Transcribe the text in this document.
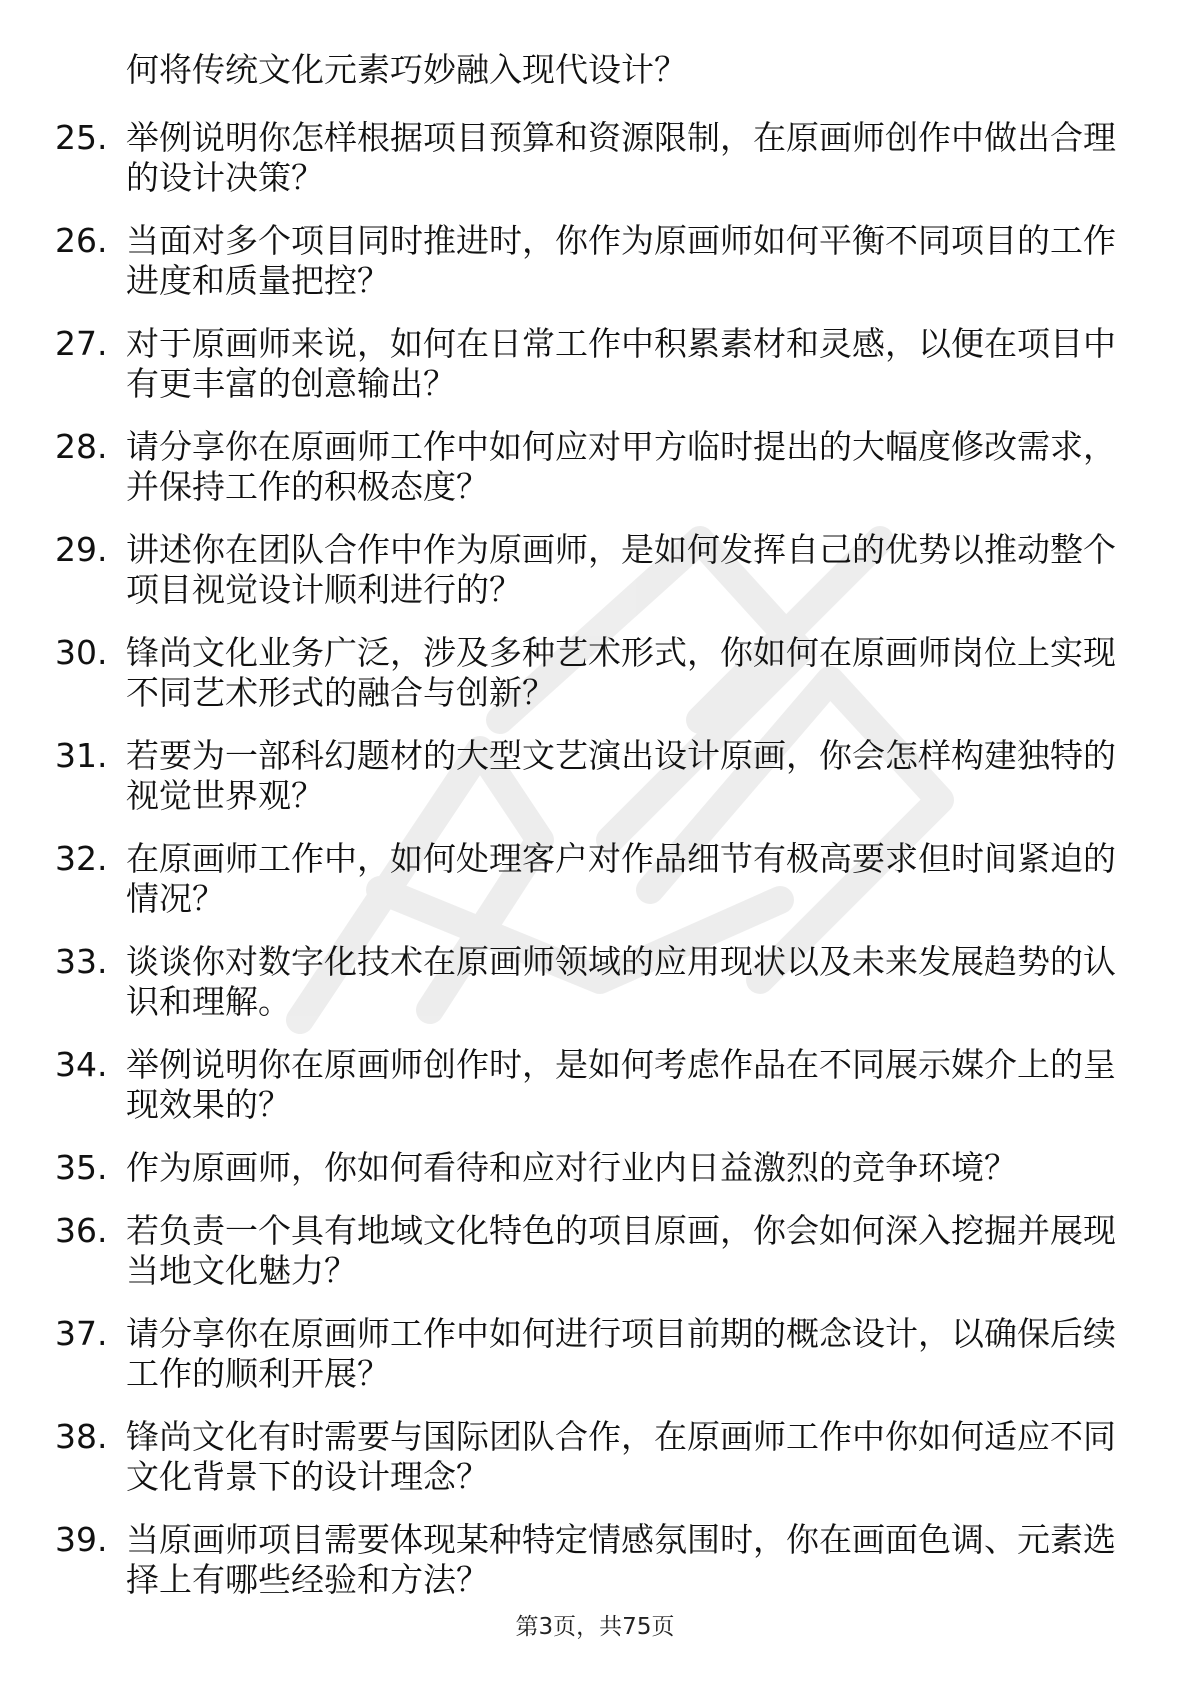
何将传统文化元素巧妙融入现代设计？

25. 举例说明你怎样根据项目预算和资源限制，在原画师创作中做出合理的设计决策？
26. 当面对多个项目同时推进时，你作为原画师如何平衡不同项目的工作进度和质量把控？
27. 对于原画师来说，如何在日常工作中积累素材和灵感，以便在项目中有更丰富的创意输出？
28. 请分享你在原画师工作中如何应对甲方临时提出的大幅度修改需求，并保持工作的积极态度？
29. 讲述你在团队合作中作为原画师，是如何发挥自己的优势以推动整个项目视觉设计顺利进行的？
30. 锋尚文化业务广泛，涉及多种艺术形式，你如何在原画师岗位上实现不同艺术形式的融合与创新？
31. 若要为一部科幻题材的大型文艺演出设计原画，你会怎样构建独特的视觉世界观？
32. 在原画师工作中，如何处理客户对作品细节有极高要求但时间紧迫的情况？
33. 谈谈你对数字化技术在原画师领域的应用现状以及未来发展趋势的认识和理解。
34. 举例说明你在原画师创作时，是如何考虑作品在不同展示媒介上的呈现效果的？
35. 作为原画师，你如何看待和应对行业内日益激烈的竞争环境？
36. 若负责一个具有地域文化特色的项目原画，你会如何深入挖掘并展现当地文化魅力？
37. 请分享你在原画师工作中如何进行项目前期的概念设计，以确保后续工作的顺利开展？
38. 锋尚文化有时需要与国际团队合作，在原画师工作中你如何适应不同文化背景下的设计理念？
39. 当原画师项目需要体现某种特定情感氛围时，你在画面色调、元素选择上有哪些经验和方法？
第3页，共75页
